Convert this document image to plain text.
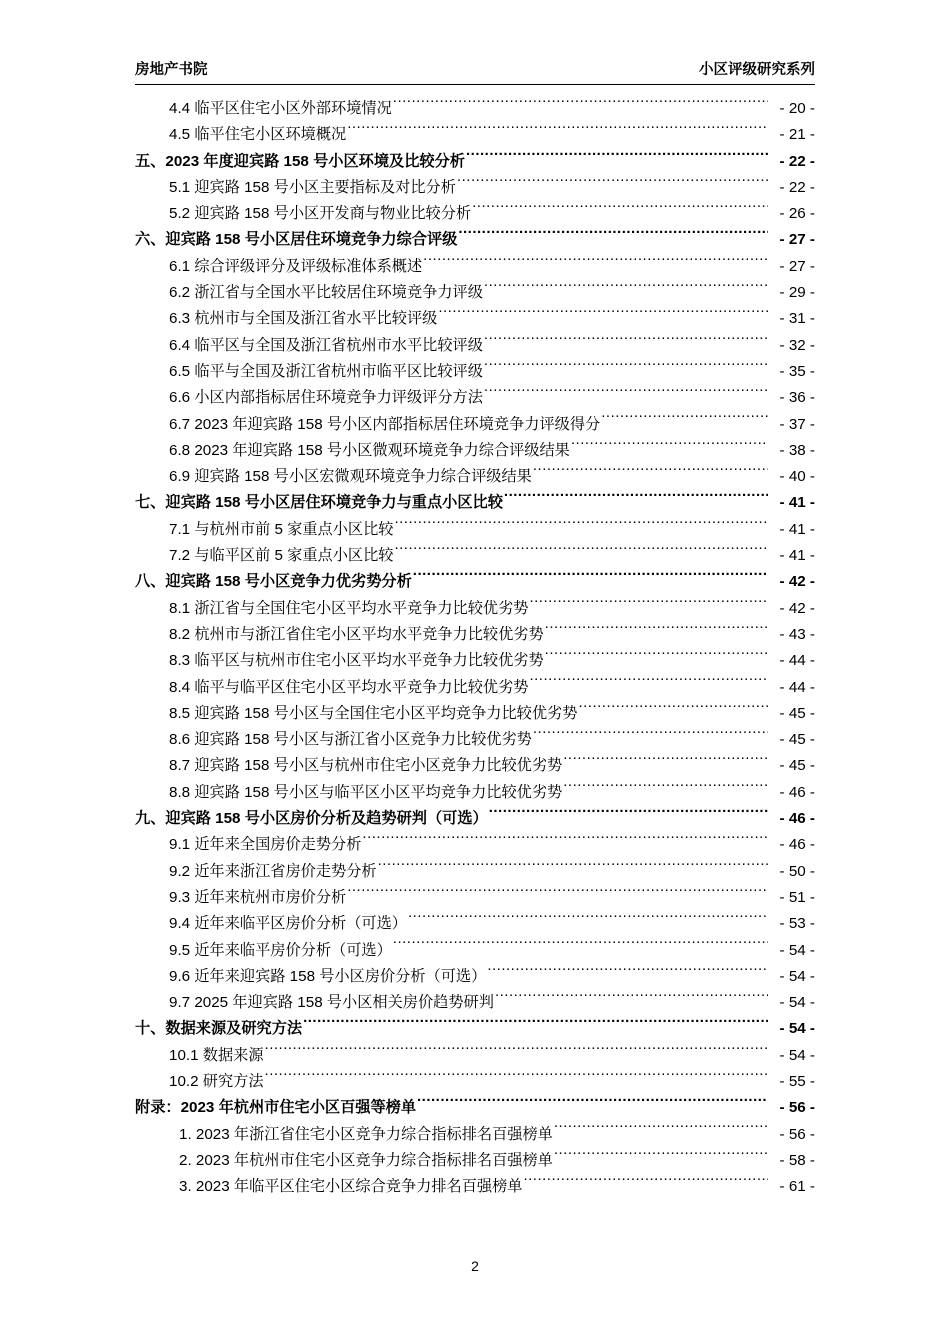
房地产书院	小区评级研究系列
4.4 临平区住宅小区外部环境情况 .....	- 20 -
4.5 临平住宅小区环境概况 .....	- 21 -
五、2023 年度迎宾路 158 号小区环境及比较分析 .....	- 22 -
5.1 迎宾路 158 号小区主要指标及对比分析 .....	- 22 -
5.2 迎宾路 158 号小区开发商与物业比较分析 .....	- 26 -
六、迎宾路 158 号小区居住环境竞争力综合评级 .....	- 27 -
6.1 综合评级评分及评级标准体系概述 .....	- 27 -
6.2 浙江省与全国水平比较居住环境竞争力评级 .....	- 29 -
6.3 杭州市与全国及浙江省水平比较评级 .....	- 31 -
6.4 临平区与全国及浙江省杭州市水平比较评级 .....	- 32 -
6.5 临平与全国及浙江省杭州市临平区比较评级 .....	- 35 -
6.6 小区内部指标居住环境竞争力评级评分方法 .....	- 36 -
6.7 2023 年迎宾路 158 号小区内部指标居住环境竞争力评级得分 .....	- 37 -
6.8 2023 年迎宾路 158 号小区微观环境竞争力综合评级结果 .....	- 38 -
6.9 迎宾路 158 号小区宏微观环境竞争力综合评级结果 .....	- 40 -
七、迎宾路 158 号小区居住环境竞争力与重点小区比较 .....	- 41 -
7.1 与杭州市前 5 家重点小区比较 .....	- 41 -
7.2 与临平区前 5 家重点小区比较 .....	- 41 -
八、迎宾路 158 号小区竞争力优劣势分析 .....	- 42 -
8.1 浙江省与全国住宅小区平均水平竞争力比较优劣势 .....	- 42 -
8.2 杭州市与浙江省住宅小区平均水平竞争力比较优劣势 .....	- 43 -
8.3 临平区与杭州市住宅小区平均水平竞争力比较优劣势 .....	- 44 -
8.4 临平与临平区住宅小区平均水平竞争力比较优劣势 .....	- 44 -
8.5 迎宾路 158 号小区与全国住宅小区平均竞争力比较优劣势 .....	- 45 -
8.6 迎宾路 158 号小区与浙江省小区竞争力比较优劣势 .....	- 45 -
8.7 迎宾路 158 号小区与杭州市住宅小区竞争力比较优劣势 .....	- 45 -
8.8 迎宾路 158 号小区与临平区小区平均竞争力比较优劣势 .....	- 46 -
九、迎宾路 158 号小区房价分析及趋势研判（可选） .....	- 46 -
9.1 近年来全国房价走势分析 .....	- 46 -
9.2 近年来浙江省房价走势分析 .....	- 50 -
9.3 近年来杭州市房价分析 .....	- 51 -
9.4 近年来临平区房价分析（可选） .....	- 53 -
9.5 近年来临平房价分析（可选） .....	- 54 -
9.6 近年来迎宾路 158 号小区房价分析（可选） .....	- 54 -
9.7 2025 年迎宾路 158 号小区相关房价趋势研判 .....	- 54 -
十、数据来源及研究方法 .....	- 54 -
10.1 数据来源 .....	- 54 -
10.2 研究方法 .....	- 55 -
附录：2023 年杭州市住宅小区百强等榜单 .....	- 56 -
1. 2023 年浙江省住宅小区竞争力综合指标排名百强榜单 .....	- 56 -
2. 2023 年杭州市住宅小区竞争力综合指标排名百强榜单 .....	- 58 -
3. 2023 年临平区住宅小区综合竞争力排名百强榜单 .....	- 61 -
2
